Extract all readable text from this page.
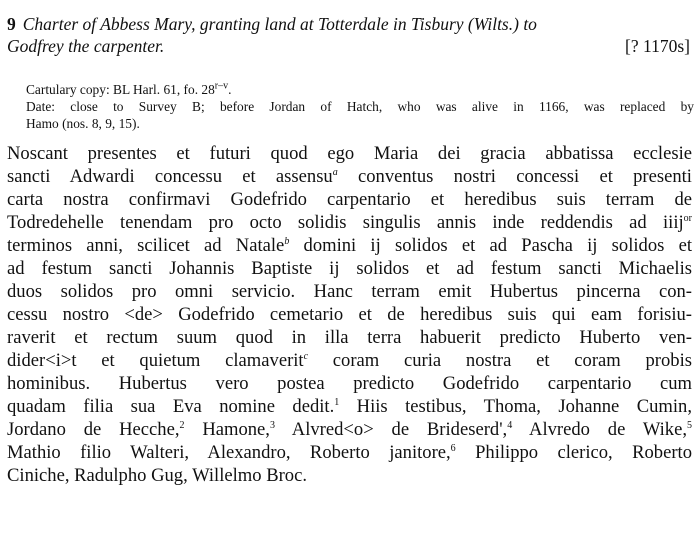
9 Charter of Abbess Mary, granting land at Totterdale in Tisbury (Wilts.) to
Godfrey the carpenter.	[? 1170s]
Cartulary copy: BL Harl. 61, fo. 28$^{r-v}$.
Date: close to Survey B; before Jordan of Hatch, who was alive in 1166, was replaced by
Hamo (nos. 8, 9, 15).
Noscant presentes et futuri quod ego Maria dei gracia abbatissa ecclesie
sancti Adwardi concessu et assensu$^a$ conventus nostri concessi et presenti
carta nostra confirmavi Godefrido carpentario et heredibus suis terram de
Todredehelle tenendam pro octo solidis singulis annis inde reddendis ad iiij$^{or}$
terminos anni, scilicet ad Natale$^b$ domini ij solidos et ad Pascha ij solidos et
ad festum sancti Johannis Baptiste ij solidos et ad festum sancti Michaelis
duos solidos pro omni servicio. Hanc terram emit Hubertus pincerna con-
cessu nostro <de> Godefrido cemetario et de heredibus suis qui eam forisiu-
raverit et rectum suum quod in illa terra habuerit predicto Huberto ven-
dider<i>t et quietum clamaverit$^c$ coram curia nostra et coram probis
hominibus. Hubertus vero postea predicto Godefrido carpentario cum
quadam filia sua Eva nomine dedit.$^1$ Hiis testibus, Thoma, Johanne Cumin,
Jordano de Hecche,$^2$ Hamone,$^3$ Alvred<o> de Brideserd',$^4$ Alvredo de Wike,$^5$
Mathio filio Walteri, Alexandro, Roberto janitore,$^6$ Philippo clerico, Roberto
Ciniche, Radulpho Gug, Willelmo Broc.
